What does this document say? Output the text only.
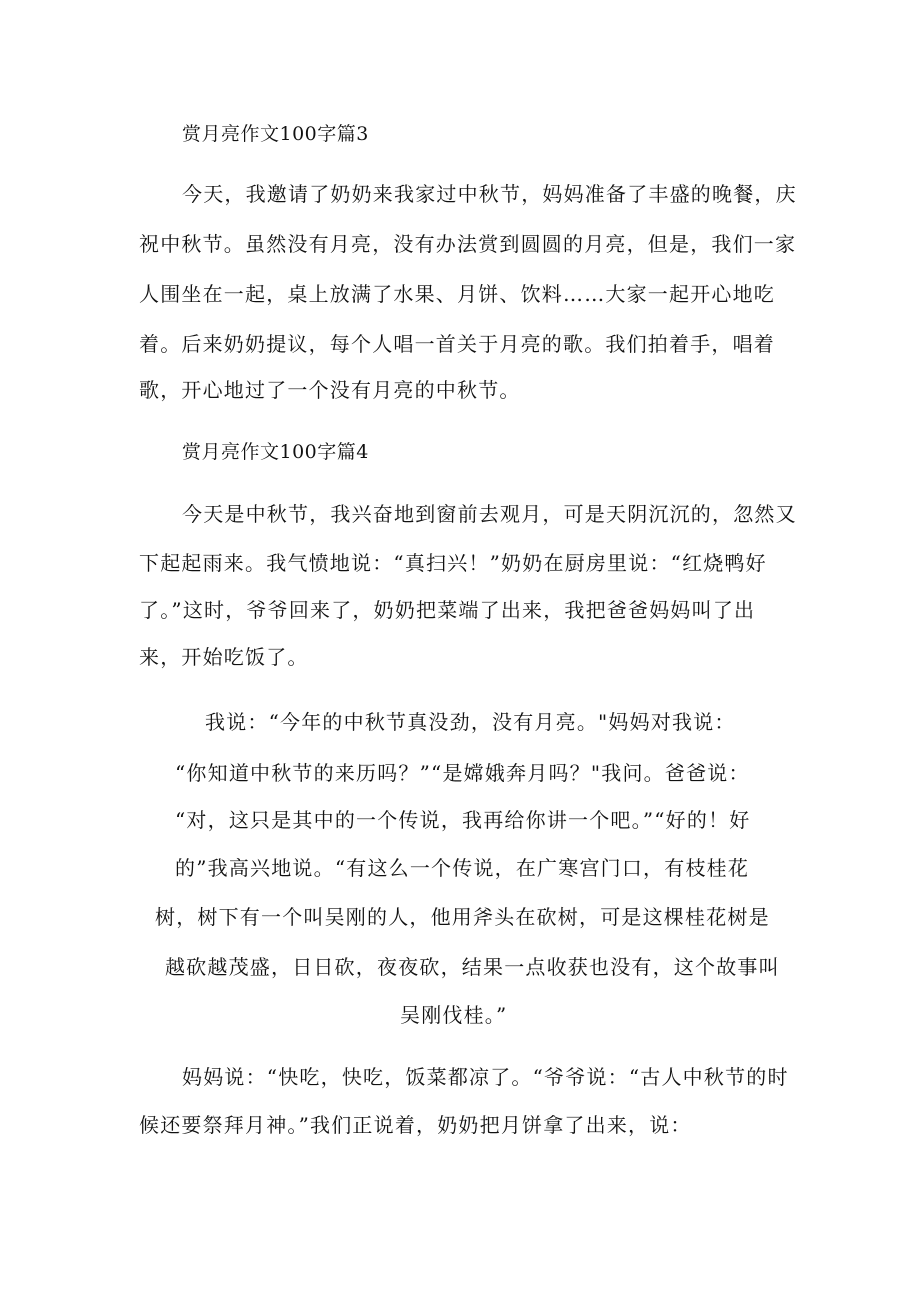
赏月亮作文100字篇3
今天，我邀请了奶奶来我家过中秋节，妈妈准备了丰盛的晚餐，庆
祝中秋节。虽然没有月亮，没有办法赏到圆圆的月亮，但是，我们一家
人围坐在一起，桌上放满了水果、月饼、饮料……大家一起开心地吃
着。后来奶奶提议，每个人唱一首关于月亮的歌。我们拍着手，唱着
歌，开心地过了一个没有月亮的中秋节。
赏月亮作文100字篇4
今天是中秋节，我兴奋地到窗前去观月，可是天阴沉沉的，忽然又
下起起雨来。我气愤地说：“真扫兴！”奶奶在厨房里说：“红烧鸭好
了。”这时，爷爷回来了，奶奶把菜端了出来，我把爸爸妈妈叫了出
来，开始吃饭了。
我说：“今年的中秋节真没劲，没有月亮。"妈妈对我说：
“你知道中秋节的来历吗？”“是嫦娥奔月吗？"我问。爸爸说：
“对，这只是其中的一个传说，我再给你讲一个吧。”“好的！好
的”我高兴地说。“有这么一个传说，在广寒宫门口，有枝桂花
树，树下有一个叫吴刚的人，他用斧头在砍树，可是这棵桂花树是
越砍越茂盛，日日砍，夜夜砍，结果一点收获也没有，这个故事叫
吴刚伐桂。”
妈妈说：“快吃，快吃，饭菜都凉了。“爷爷说：“古人中秋节的时
候还要祭拜月神。”我们正说着，奶奶把月饼拿了出来，说：
